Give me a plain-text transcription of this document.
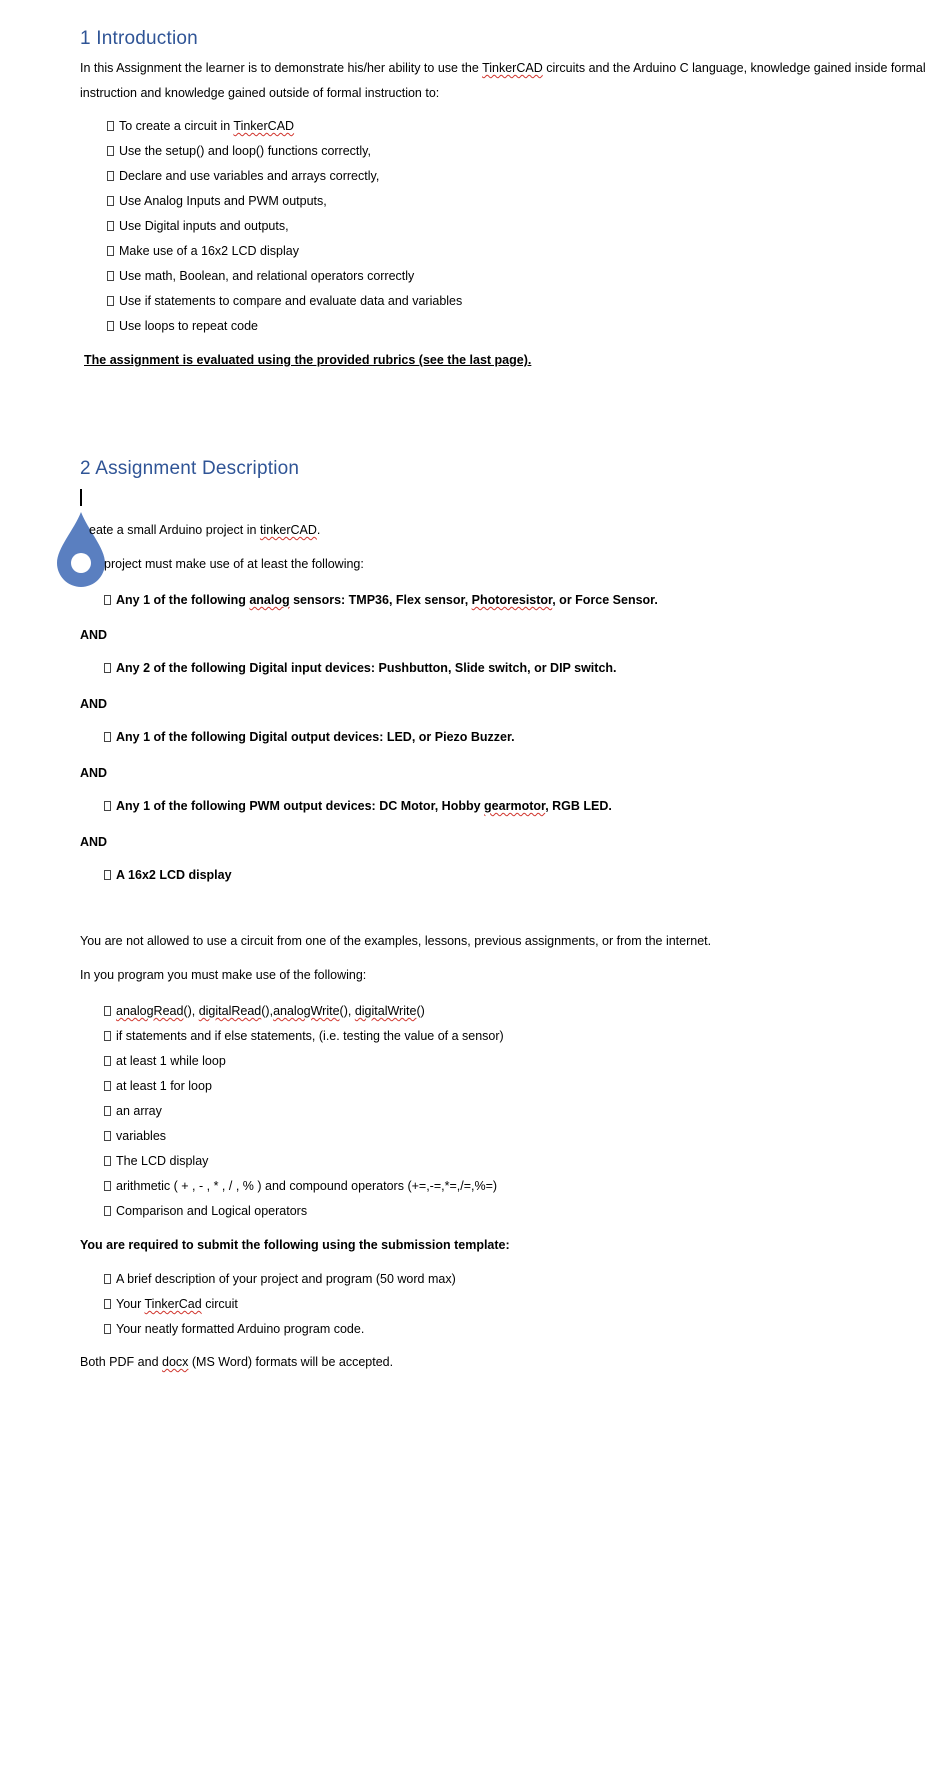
1 Introduction
In this Assignment the learner is to demonstrate his/her ability to use the TinkerCAD circuits and the Arduino C language, knowledge gained inside formal
instruction and knowledge gained outside of formal instruction to:
To create a circuit in TinkerCAD
Use the setup() and loop() functions correctly,
Declare and use variables and arrays correctly,
Use Analog Inputs and PWM outputs,
Use Digital inputs and outputs,
Make use of a 16x2 LCD display
Use math, Boolean, and relational operators correctly
Use if statements to compare and evaluate data and variables
Use loops to repeat code
The assignment is evaluated using the provided rubrics (see the last page).
2 Assignment Description
eate a small Arduino project in tinkerCAD.
project must make use of at least the following:
Any 1 of the following analog sensors: TMP36, Flex sensor, Photoresistor, or Force Sensor.
AND
Any 2 of the following Digital input devices: Pushbutton, Slide switch, or DIP switch.
AND
Any 1 of the following Digital output devices: LED, or Piezo Buzzer.
AND
Any 1 of the following PWM output devices: DC Motor, Hobby gearmotor, RGB LED.
AND
A 16x2 LCD display
You are not allowed to use a circuit from one of the examples, lessons, previous assignments, or from the internet.
In you program you must make use of the following:
analogRead(), digitalRead(),analogWrite(), digitalWrite()
if statements and if else statements, (i.e. testing the value of a sensor)
at least 1 while loop
at least 1 for loop
an array
variables
The LCD display
arithmetic ( + , - , * , / , % ) and compound operators (+=,-=,*=,/=,%=)
Comparison and Logical operators
You are required to submit the following using the submission template:
A brief description of your project and program (50 word max)
Your TinkerCad circuit
Your neatly formatted Arduino program code.
Both PDF and docx (MS Word) formats will be accepted.
